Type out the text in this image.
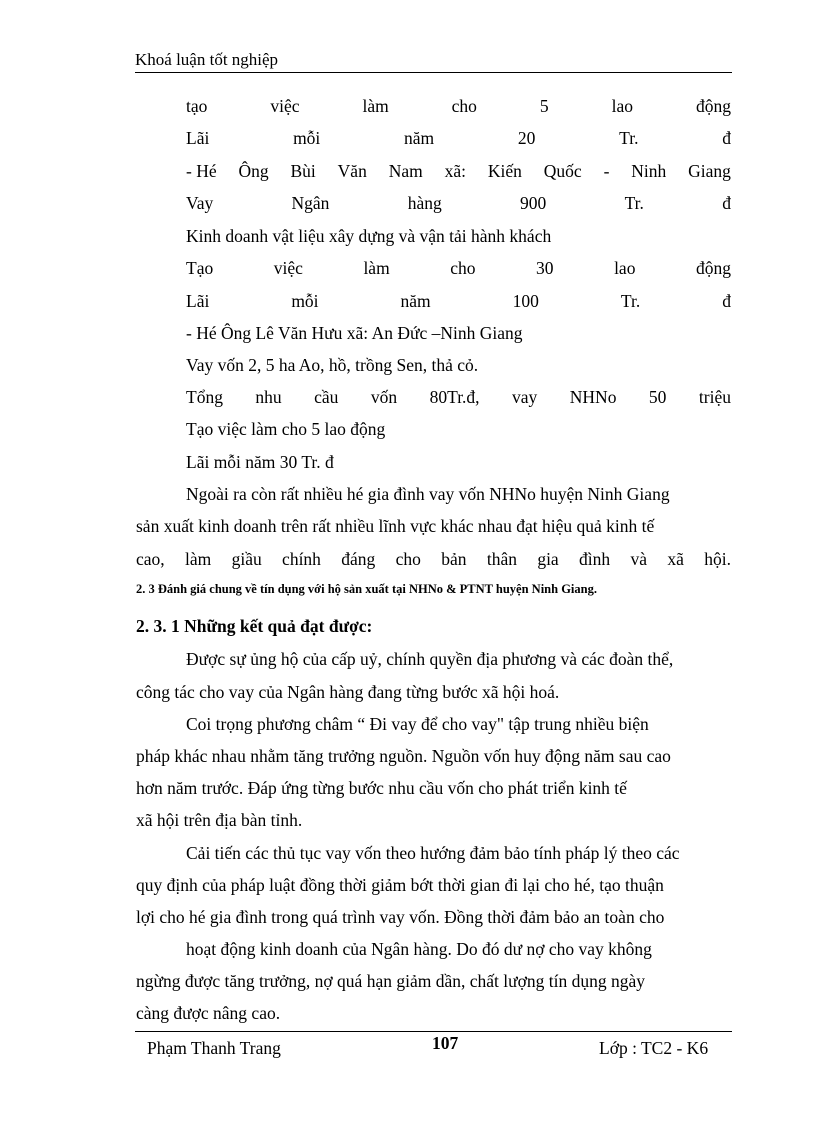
Khoá luận tốt nghiệp
tạo	việc	làm	cho	5	lao	động
Lãi	mỗi	năm	20	Tr.	đ
- Hé Ông Bùi Văn Nam xã: Kiến Quốc - Ninh Giang
Vay	Ngân	hàng	900	Tr.	đ
Kinh doanh vật liệu xây dựng và vận tải hành khách
Tạo	việc	làm	cho	30	lao	động
Lãi	mỗi	năm	100	Tr.	đ
- Hé Ông Lê Văn Hưu xã: An Đức –Ninh Giang
Vay vốn 2, 5 ha Ao, hồ, trồng Sen, thả cỏ.
Tổng nhu cầu vốn 80Tr.đ, vay NHNo 50 triệu
Tạo việc làm cho 5 lao động
Lãi mỗi năm 30 Tr. đ
Ngoài ra còn rất nhiều hé gia đình vay vốn NHNo huyện Ninh Giang
sản xuất kinh doanh trên rất nhiều lĩnh vực khác nhau đạt hiệu quả kinh tế
cao, làm giầu chính đáng cho bản thân gia đình và xã hội.
2. 3 Đánh giá chung về tín dụng với hộ sản xuất tại NHNo & PTNT huyện Ninh Giang.
2. 3. 1 Những kết quả đạt được:
Được sự ủng hộ của cấp uỷ, chính quyền địa phương và các đoàn thể,
công tác cho vay của Ngân hàng đang từng bước xã hội hoá.
Coi trọng phương châm “ Đi vay để cho vay" tập trung nhiều biện
pháp khác nhau nhằm tăng trưởng nguồn. Nguồn vốn huy động năm sau cao
hơn năm trước. Đáp ứng từng bước nhu cầu vốn cho phát triển kinh tế
xã hội trên địa bàn tỉnh.
Cải tiến các thủ tục vay vốn theo hướng đảm bảo tính pháp lý theo các
quy định của pháp luật đồng thời giảm bớt thời gian đi lại cho hé, tạo thuận
lợi cho hé gia đình trong quá trình vay vốn. Đồng thời đảm bảo an toàn cho
hoạt động kinh doanh của Ngân hàng. Do đó dư nợ cho vay không
ngừng được tăng trưởng, nợ quá hạn giảm dần, chất lượng tín dụng ngày
càng được nâng cao.
Phạm Thanh Trang	107	Lớp : TC2 - K6
